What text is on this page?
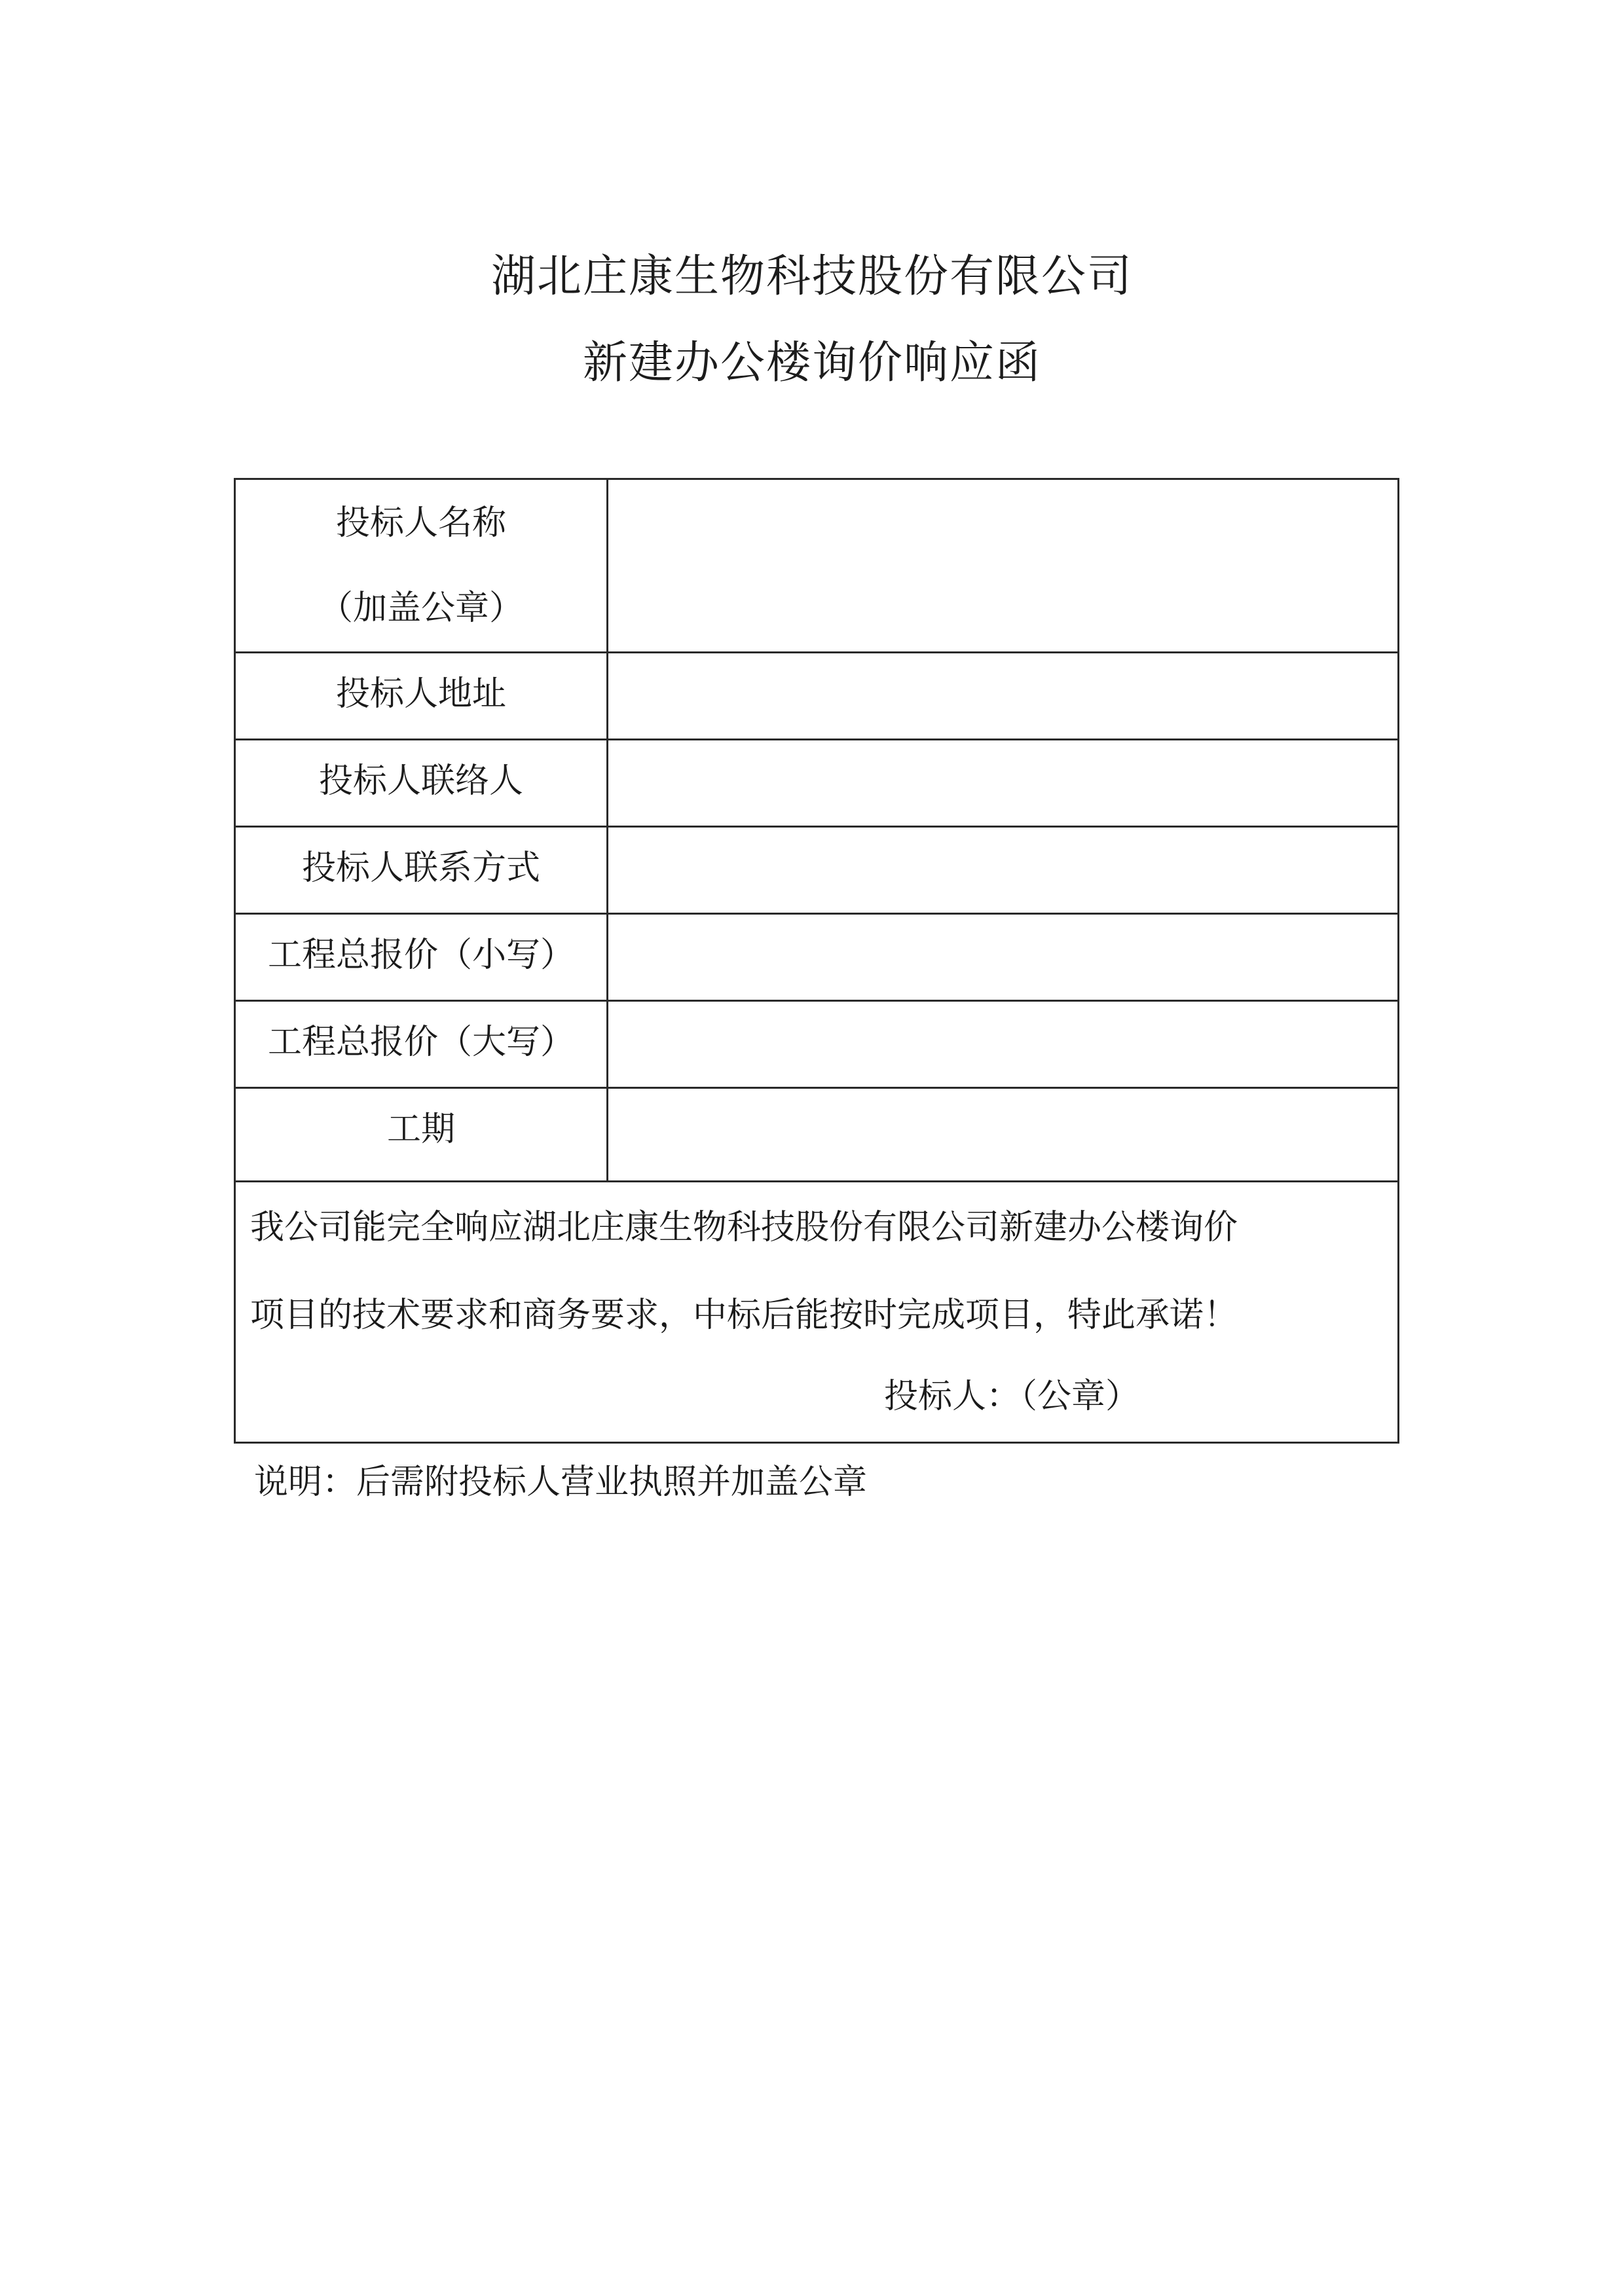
湖北庄康生物科技股份有限公司
新建办公楼询价响应函
投标人名称
（加盖公章）
投标人地址
投标人联络人
投标人联系方式
工程总报价（小写）
工程总报价（大写）
工期
我公司能完全响应湖北庄康生物科技股份有限公司新建办公楼询价
项目的技术要求和商务要求，中标后能按时完成项目，特此承诺！
投标人：（公章）
说明：后需附投标人营业执照并加盖公章
